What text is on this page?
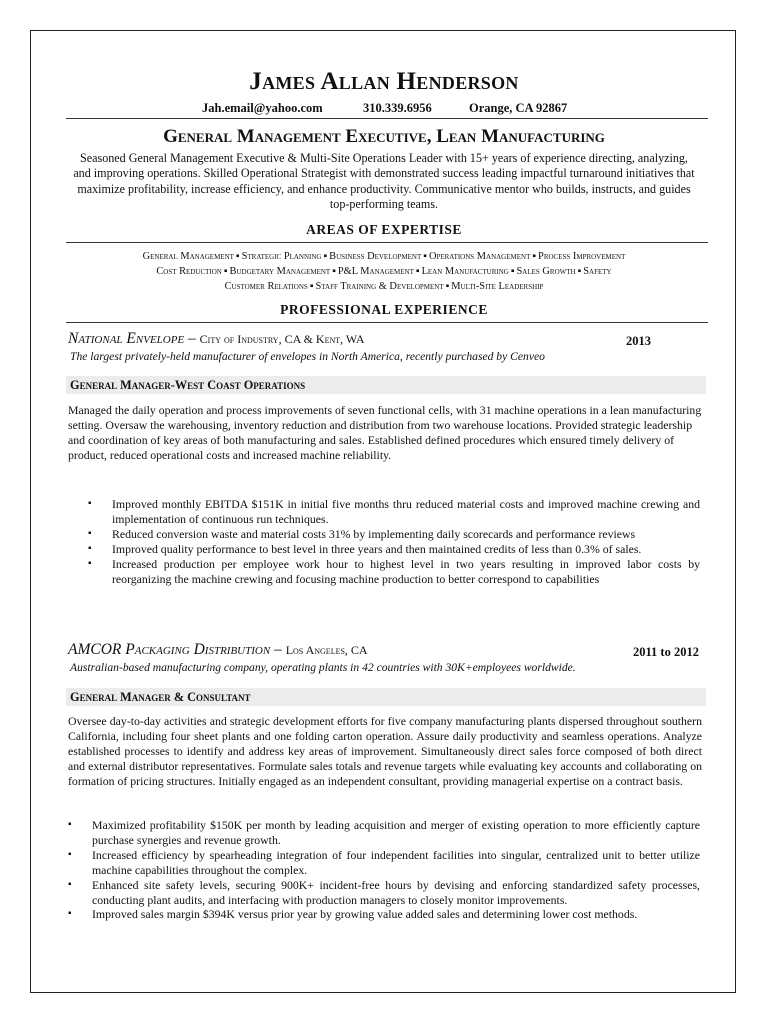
James Allan Henderson
Jah.email@yahoo.com	310.339.6956	Orange, CA 92867
General Management Executive, Lean Manufacturing
Seasoned General Management Executive & Multi-Site Operations Leader with 15+ years of experience directing, analyzing, and improving operations. Skilled Operational Strategist with demonstrated success leading impactful turnaround initiatives that maximize profitability, increase efficiency, and enhance productivity. Communicative mentor who builds, instructs, and guides top-performing teams.
AREAS OF EXPERTISE
General Management ▪ Strategic Planning ▪ Business Development ▪ Operations Management ▪ Process Improvement
Cost Reduction ▪ Budgetary Management ▪ P&L Management ▪ Lean Manufacturing ▪ Sales Growth ▪ Safety
Customer Relations ▪ Staff Training & Development ▪ Multi-Site Leadership
PROFESSIONAL EXPERIENCE
National Envelope – City of Industry, CA & Kent, WA	2013
The largest privately-held manufacturer of envelopes in North America, recently purchased by Cenveo
General Manager-West Coast Operations
Managed the daily operation and process improvements of seven functional cells, with 31 machine operations in a lean manufacturing setting. Oversaw the warehousing, inventory reduction and distribution from two warehouse locations. Provided strategic leadership and coordination of key areas of both manufacturing and sales. Established defined procedures which ensured timely delivery of product, reduced operational costs and increased machine reliability.
▪ Improved monthly EBITDA $151K in initial five months thru reduced material costs and improved machine crewing and implementation of continuous run techniques.
▪ Reduced conversion waste and material costs 31% by implementing daily scorecards and performance reviews
▪ Improved quality performance to best level in three years and then maintained credits of less than 0.3% of sales.
▪ Increased production per employee work hour to highest level in two years resulting in improved labor costs by reorganizing the machine crewing and focusing machine production to better correspond to capabilities
AMCOR Packaging Distribution – Los Angeles, CA	2011 to 2012
Australian-based manufacturing company, operating plants in 42 countries with 30K+employees worldwide.
General Manager & Consultant
Oversee day-to-day activities and strategic development efforts for five company manufacturing plants dispersed throughout southern California, including four sheet plants and one folding carton operation. Assure daily productivity and seamless operations. Analyze established processes to identify and address key areas of improvement. Simultaneously direct sales force composed of both direct and external distributor representatives. Formulate sales totals and revenue targets while evaluating key accounts and collaborating on formation of pricing structures. Initially engaged as an independent consultant, providing managerial expertise on a contract basis.
▪ Maximized profitability $150K per month by leading acquisition and merger of existing operation to more efficiently capture purchase synergies and revenue growth.
▪ Increased efficiency by spearheading integration of four independent facilities into singular, centralized unit to better utilize machine capabilities throughout the complex.
▪ Enhanced site safety levels, securing 900K+ incident-free hours by devising and enforcing standardized safety processes, conducting plant audits, and interfacing with production managers to closely monitor improvements.
▪ Improved sales margin $394K versus prior year by growing value added sales and determining lower cost methods.
